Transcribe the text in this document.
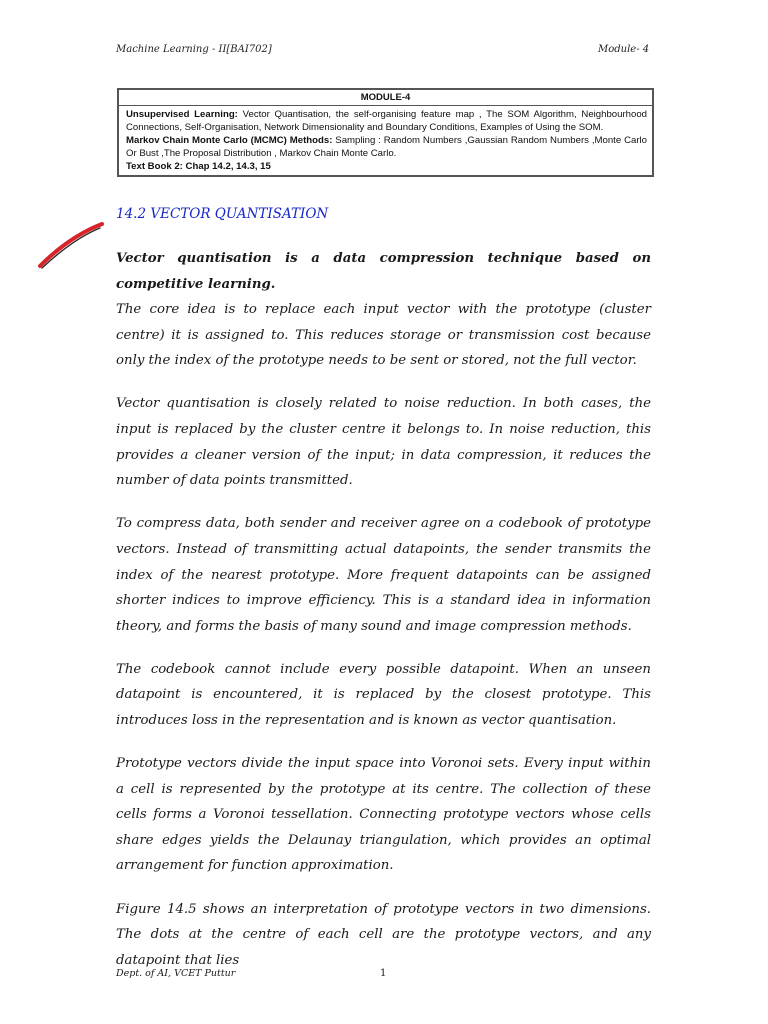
Machine Learning - II[BAI702]	Module- 4
MODULE-4

Unsupervised Learning: Vector Quantisation, the self-organising feature map , The SOM Algorithm, Neighbourhood Connections, Self-Organisation, Network Dimensionality and Boundary Conditions, Examples of Using the SOM.

Markov Chain Monte Carlo (MCMC) Methods: Sampling : Random Numbers ,Gaussian Random Numbers ,Monte Carlo Or Bust ,The Proposal Distribution , Markov Chain Monte Carlo.

Text Book 2: Chap 14.2, 14.3, 15

14.2 VECTOR QUANTISATION

Vector quantisation is a data compression technique based on competitive learning.
The core idea is to replace each input vector with the prototype (cluster centre) it is assigned to. This reduces storage or transmission cost because only the index of the prototype needs to be sent or stored, not the full vector.

Vector quantisation is closely related to noise reduction. In both cases, the input is replaced by the cluster centre it belongs to. In noise reduction, this provides a cleaner version of the input; in data compression, it reduces the number of data points transmitted.

To compress data, both sender and receiver agree on a codebook of prototype vectors. Instead of transmitting actual datapoints, the sender transmits the index of the nearest prototype. More frequent datapoints can be assigned shorter indices to improve efficiency. This is a standard idea in information theory, and forms the basis of many sound and image compression methods.

The codebook cannot include every possible datapoint. When an unseen datapoint is encountered, it is replaced by the closest prototype. This introduces loss in the representation and is known as vector quantisation.

Prototype vectors divide the input space into Voronoi sets. Every input within a cell is represented by the prototype at its centre. The collection of these cells forms a Voronoi tessellation. Connecting prototype vectors whose cells share edges yields the Delaunay triangulation, which provides an optimal arrangement for function approximation.

Figure 14.5 shows an interpretation of prototype vectors in two dimensions. The dots at the centre of each cell are the prototype vectors, and any datapoint that lies

Dept. of AI, VCET Puttur	1
